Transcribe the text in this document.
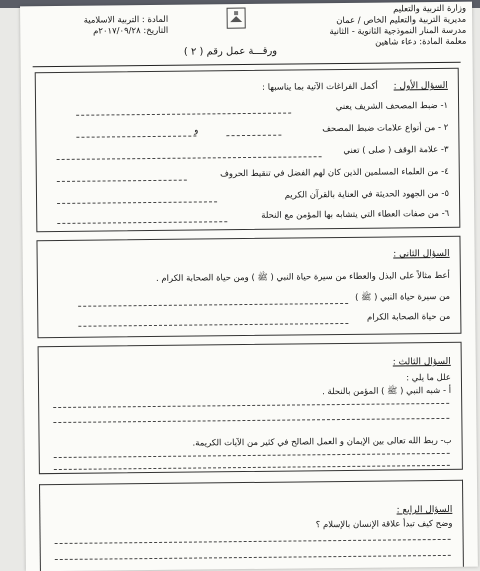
وزارة التربية والتعليم
مديرية التربية والتعليم الخاص / عمان
مدرسة المنار النموذجية الثانوية - الثانية
معلمة المادة: دعاء شاهين
المادة : التربية الاسلامية
التاريخ: ٢٠١٧/٠٩/٢٨م
ورقـــة عمل رقم ( ٢ )
السؤال الأول :
أكمل الفراغات الآتية بما يناسبها :
١- ضبط المصحف الشريف يعني
٢ - من أنواع علامات ضبط المصحف
و
٣- علامة الوقف ( صلى ) تعني
٤- من العلماء المسلمين الذين كان لهم الفضل في تنقيط الحروف
٥- من الجهود الحديثة في العناية بالقرآن الكريم
٦- من صفات العطاء التي يتشابه بها المؤمن مع النحلة
السؤال الثاني :
أعط مثالاً على البذل والعطاء من سيرة حياة النبي ( ﷺ ) ومن حياة الصحابة الكرام .
من سيرة حياة النبي ( ﷺ )
من حياة الصحابة الكرام
السؤال الثالث :
علل ما يلي :
أ - شبه النبي ( ﷺ ) المؤمن بالنحلة .
ب- ربط الله تعالى بين الإيمان و العمل الصالح في كثير من الآيات الكريمة.
السؤال الرابع :
وضح كيف تبدأ علاقة الإنسان بالإسلام ؟
